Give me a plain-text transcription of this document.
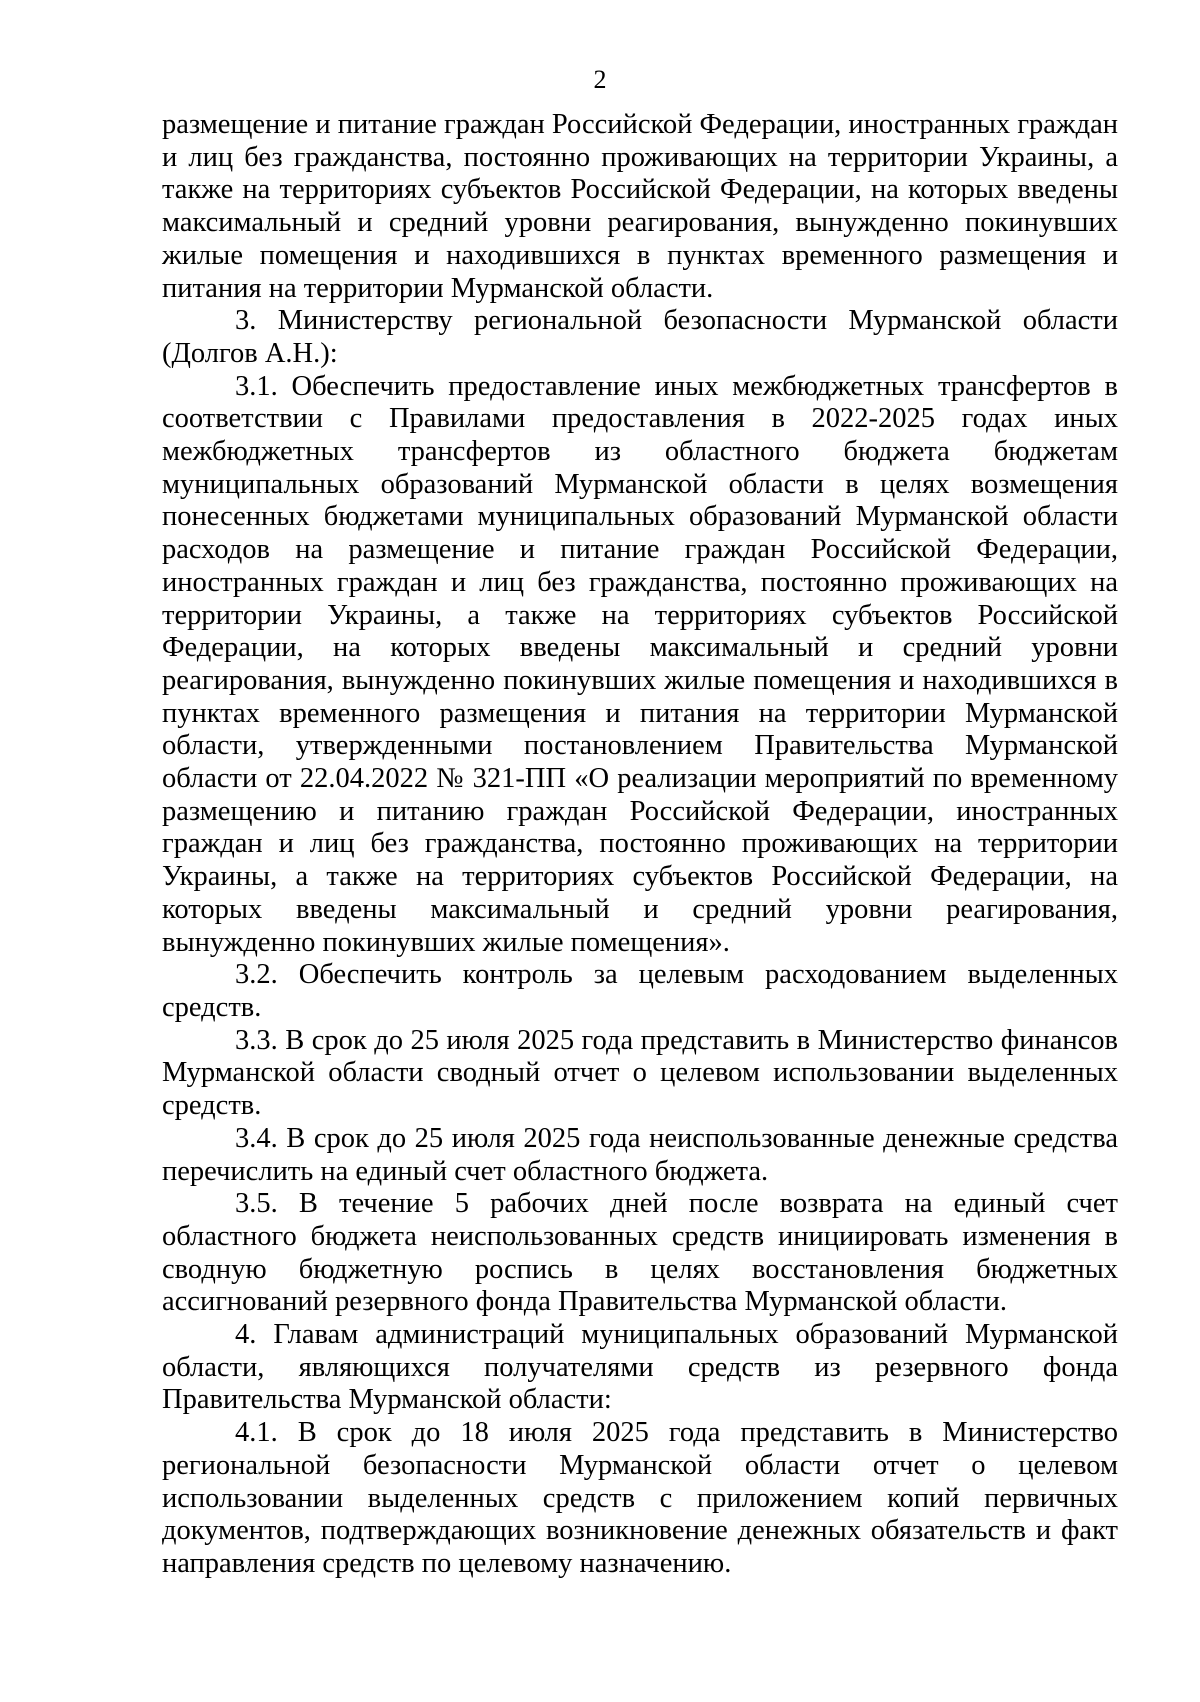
2

размещение и питание граждан Российской Федерации, иностранных граждан и лиц без гражданства, постоянно проживающих на территории Украины, а также на территориях субъектов Российской Федерации, на которых введены максимальный и средний уровни реагирования, вынужденно покинувших жилые помещения и находившихся в пунктах временного размещения и питания на территории Мурманской области.

3. Министерству региональной безопасности Мурманской области (Долгов А.Н.):

3.1. Обеспечить предоставление иных межбюджетных трансфертов в соответствии с Правилами предоставления в 2022-2025 годах иных межбюджетных трансфертов из областного бюджета бюджетам муниципальных образований Мурманской области в целях возмещения понесенных бюджетами муниципальных образований Мурманской области расходов на размещение и питание граждан Российской Федерации, иностранных граждан и лиц без гражданства, постоянно проживающих на территории Украины, а также на территориях субъектов Российской Федерации, на которых введены максимальный и средний уровни реагирования, вынужденно покинувших жилые помещения и находившихся в пунктах временного размещения и питания на территории Мурманской области, утвержденными постановлением Правительства Мурманской области от 22.04.2022 № 321-ПП «О реализации мероприятий по временному размещению и питанию граждан Российской Федерации, иностранных граждан и лиц без гражданства, постоянно проживающих на территории Украины, а также на территориях субъектов Российской Федерации, на которых введены максимальный и средний уровни реагирования, вынужденно покинувших жилые помещения».

3.2. Обеспечить контроль за целевым расходованием выделенных средств.

3.3. В срок до 25 июля 2025 года представить в Министерство финансов Мурманской области сводный отчет о целевом использовании выделенных средств.

3.4. В срок до 25 июля 2025 года неиспользованные денежные средства перечислить на единый счет областного бюджета.

3.5. В течение 5 рабочих дней после возврата на единый счет областного бюджета неиспользованных средств инициировать изменения в сводную бюджетную роспись в целях восстановления бюджетных ассигнований резервного фонда Правительства Мурманской области.

4. Главам администраций муниципальных образований Мурманской области, являющихся получателями средств из резервного фонда Правительства Мурманской области:

4.1. В срок до 18 июля 2025 года представить в Министерство региональной безопасности Мурманской области отчет о целевом использовании выделенных средств с приложением копий первичных документов, подтверждающих возникновение денежных обязательств и факт направления средств по целевому назначению.
